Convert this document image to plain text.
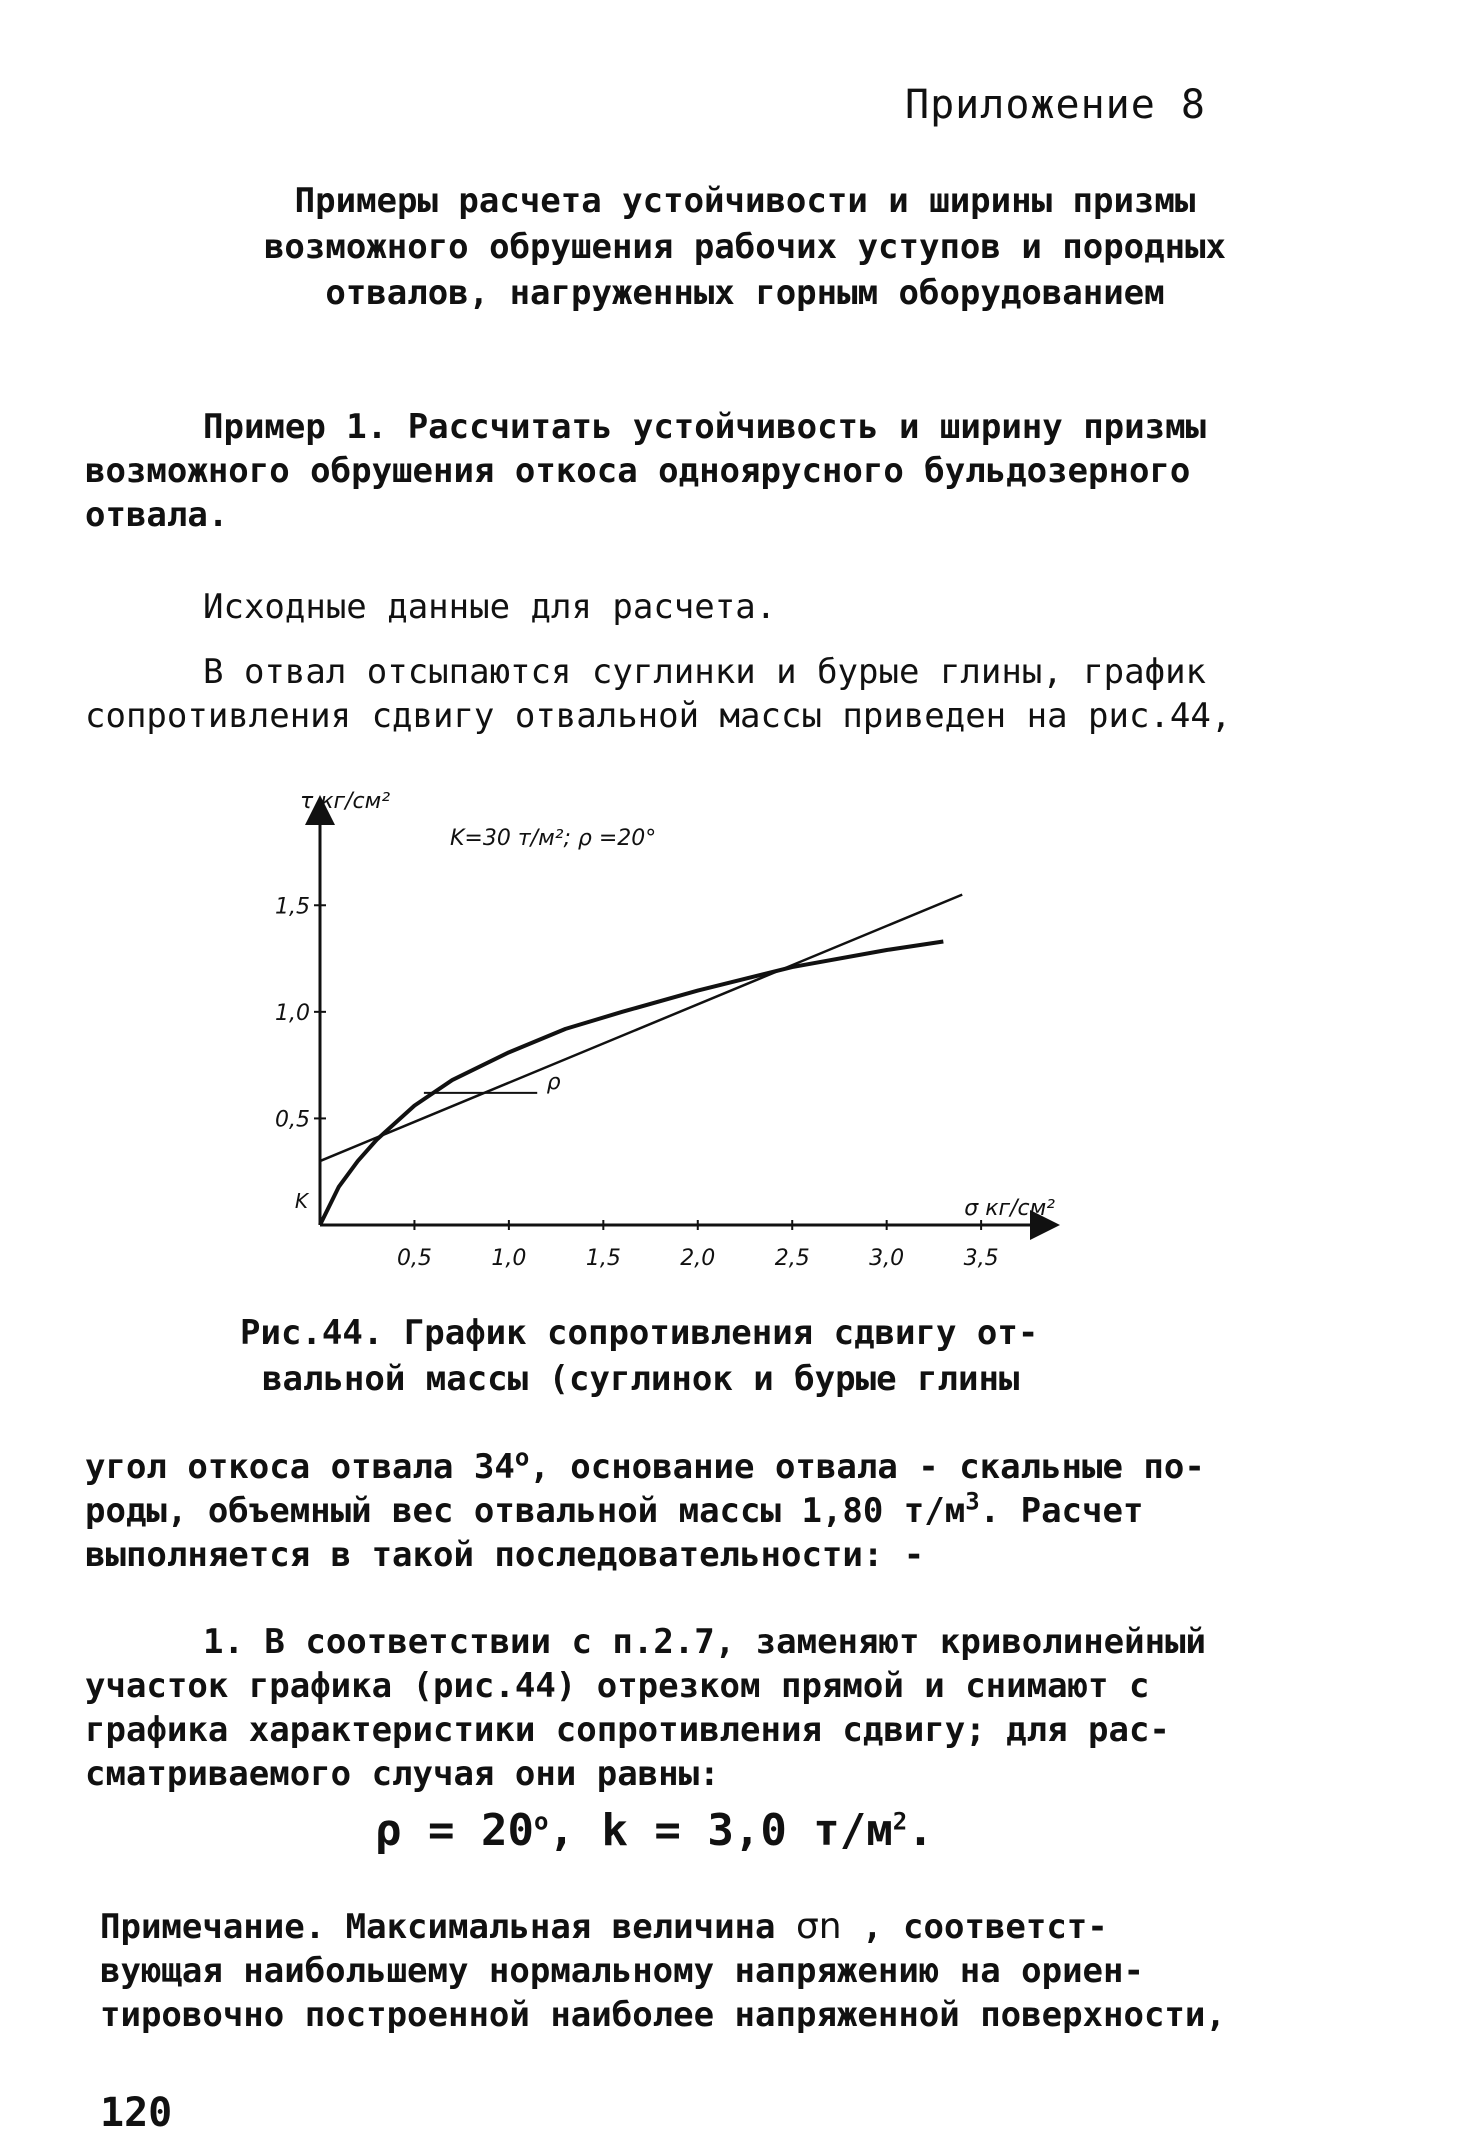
Приложение 8
Примеры расчета устойчивости и ширины призмы
возможного обрушения рабочих уступов и породных
отвалов, нагруженных горным оборудованием
Пример 1. Рассчитать устойчивость и ширину призмы
возможного обрушения откоса одноярусного бульдозерного
отвала.
Исходные данные для расчета.
В отвал отсыпаются суглинки и бурые глины, график
сопротивления сдвигу отвальной массы приведен на рис.44,
τ кг/см²
σ кг/см²
K=30 т/м²; ρ =20°
0,5	1,0	1,5	2,0	2,5	3,0	3,5
0,5
1,0
1,5
K
ρ
Рис.44. График сопротивления сдвигу от-
вальной массы (суглинок и бурые глины
угол откоса отвала $34^о$, основание отвала - скальные по-
роды, объемный вес отвальной массы 1,80 $т/м^3$. Расчет
выполняется в такой последовательности: -
1. В соответствии с п.2.7, заменяют криволинейный
участок графика (рис.44) отрезком прямой и снимают с
графика характеристики сопротивления сдвигу; для рас-
сматриваемого случая они равны:
$\rho = 20^о$, k = 3,0 $т/м^2$.
Примечание. Максимальная величина σn , соответст-
вующая наибольшему нормальному напряжению на ориен-
тировочно построенной наиболее напряженной поверхности,
120
